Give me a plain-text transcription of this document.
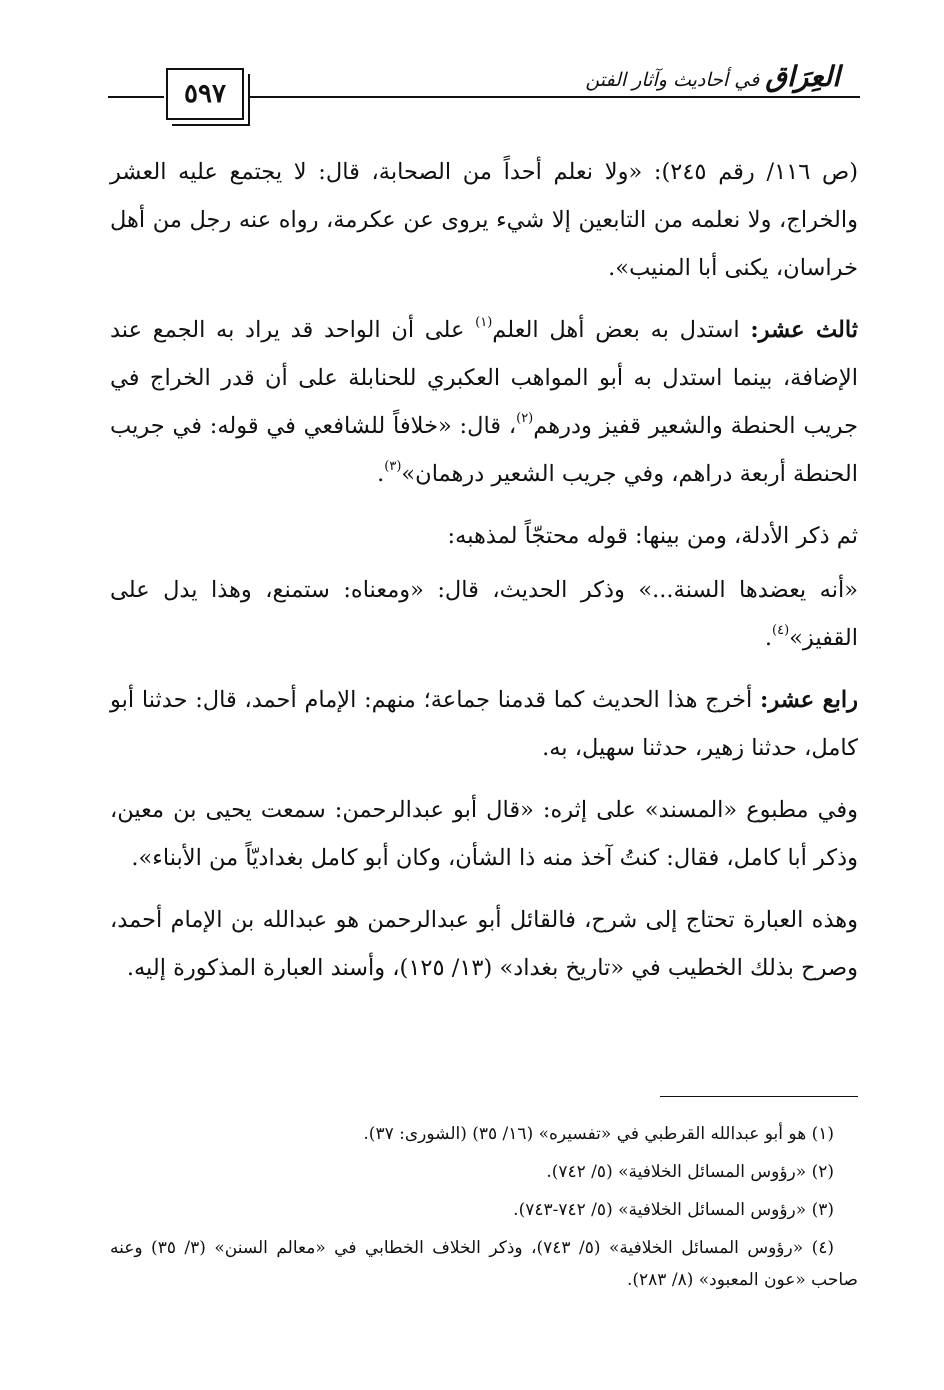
٥٩٧
العِرَاق في أحاديث وآثار الفتن

(ص ١١٦/ رقم ٢٤٥): «ولا نعلم أحداً من الصحابة، قال: لا يجتمع عليه العشر والخراج، ولا نعلمه من التابعين إلا شيء يروى عن عكرمة، رواه عنه رجل من أهل خراسان، يكنى أبا المنيب».

ثالث عشر: استدل به بعض أهل العلم$^{(١)}$ على أن الواحد قد يراد به الجمع عند الإضافة، بينما استدل به أبو المواهب العكبري للحنابلة على أن قدر الخراج في جريب الحنطة والشعير قفيز ودرهم$^{(٢)}$، قال: «خلافاً للشافعي في قوله: في جريب الحنطة أربعة دراهم، وفي جريب الشعير درهمان»$^{(٣)}$.

ثم ذكر الأدلة، ومن بينها: قوله محتجّاً لمذهبه:

«أنه يعضدها السنة...» وذكر الحديث، قال: «ومعناه: ستمنع، وهذا يدل على القفيز»$^{(٤)}$.

رابع عشر: أخرج هذا الحديث كما قدمنا جماعة؛ منهم: الإمام أحمد، قال: حدثنا أبو كامل، حدثنا زهير، حدثنا سهيل، به.

وفي مطبوع «المسند» على إثره: «قال أبو عبدالرحمن: سمعت يحيى بن معين، وذكر أبا كامل، فقال: كنتُ آخذ منه ذا الشأن، وكان أبو كامل بغداديّاً من الأبناء».

وهذه العبارة تحتاج إلى شرح، فالقائل أبو عبدالرحمن هو عبدالله بن الإمام أحمد، وصرح بذلك الخطيب في «تاريخ بغداد» (١٣/ ١٢٥)، وأسند العبارة المذكورة إليه.

(١) هو أبو عبدالله القرطبي في «تفسيره» (١٦/ ٣٥) (الشورى: ٣٧).
(٢) «رؤوس المسائل الخلافية» (٥/ ٧٤٢).
(٣) «رؤوس المسائل الخلافية» (٥/ ٧٤٢-٧٤٣).
(٤) «رؤوس المسائل الخلافية» (٥/ ٧٤٣)، وذكر الخلاف الخطابي في «معالم السنن» (٣/ ٣٥) وعنه صاحب «عون المعبود» (٨/ ٢٨٣).
